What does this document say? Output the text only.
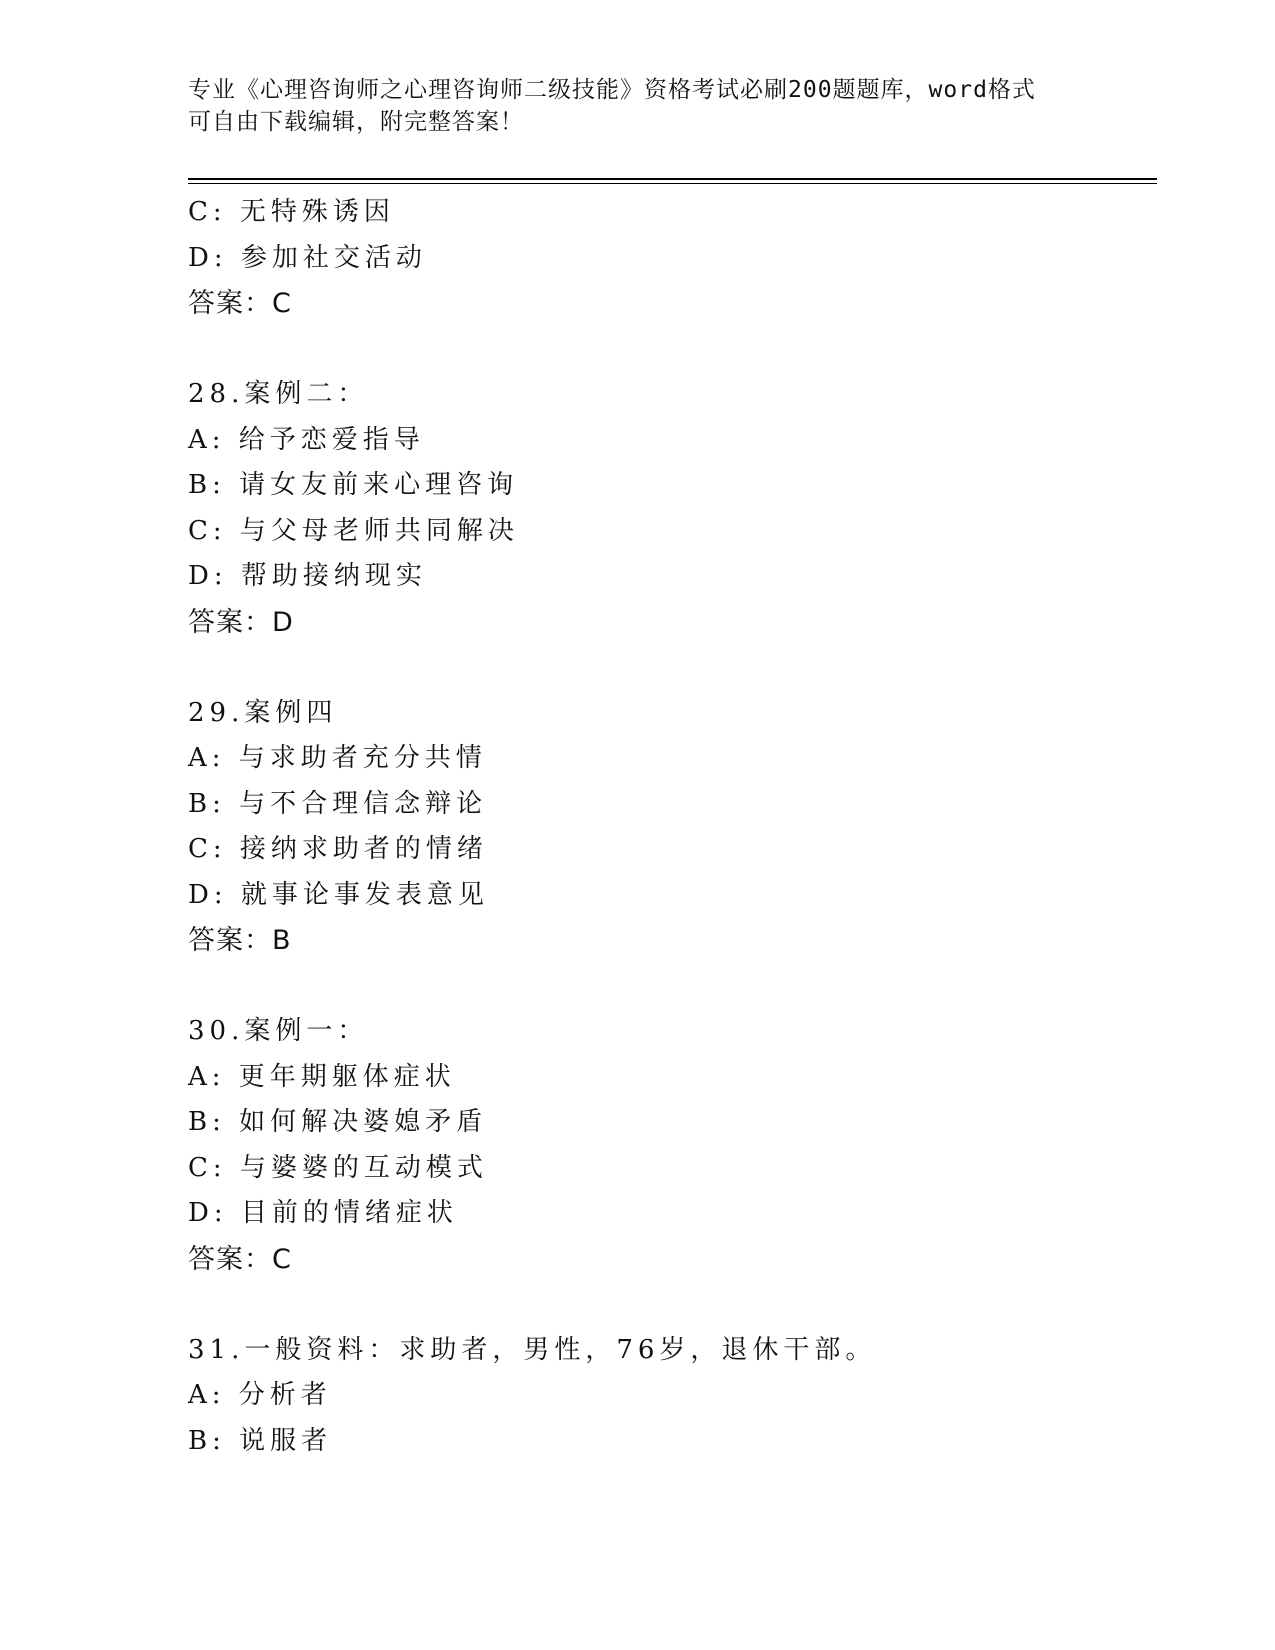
专业《心理咨询师之心理咨询师二级技能》资格考试必刷200题题库，word格式
可自由下载编辑，附完整答案！
C: 无特殊诱因
D: 参加社交活动
答案：C
28.案例二：
A: 给予恋爱指导
B: 请女友前来心理咨询
C: 与父母老师共同解决
D: 帮助接纳现实
答案：D
29.案例四
A: 与求助者充分共情
B: 与不合理信念辩论
C: 接纳求助者的情绪
D: 就事论事发表意见
答案：B
30.案例一：
A: 更年期躯体症状
B: 如何解决婆媳矛盾
C: 与婆婆的互动模式
D: 目前的情绪症状
答案：C
31.一般资料：求助者，男性，76岁，退休干部。
A: 分析者
B: 说服者
